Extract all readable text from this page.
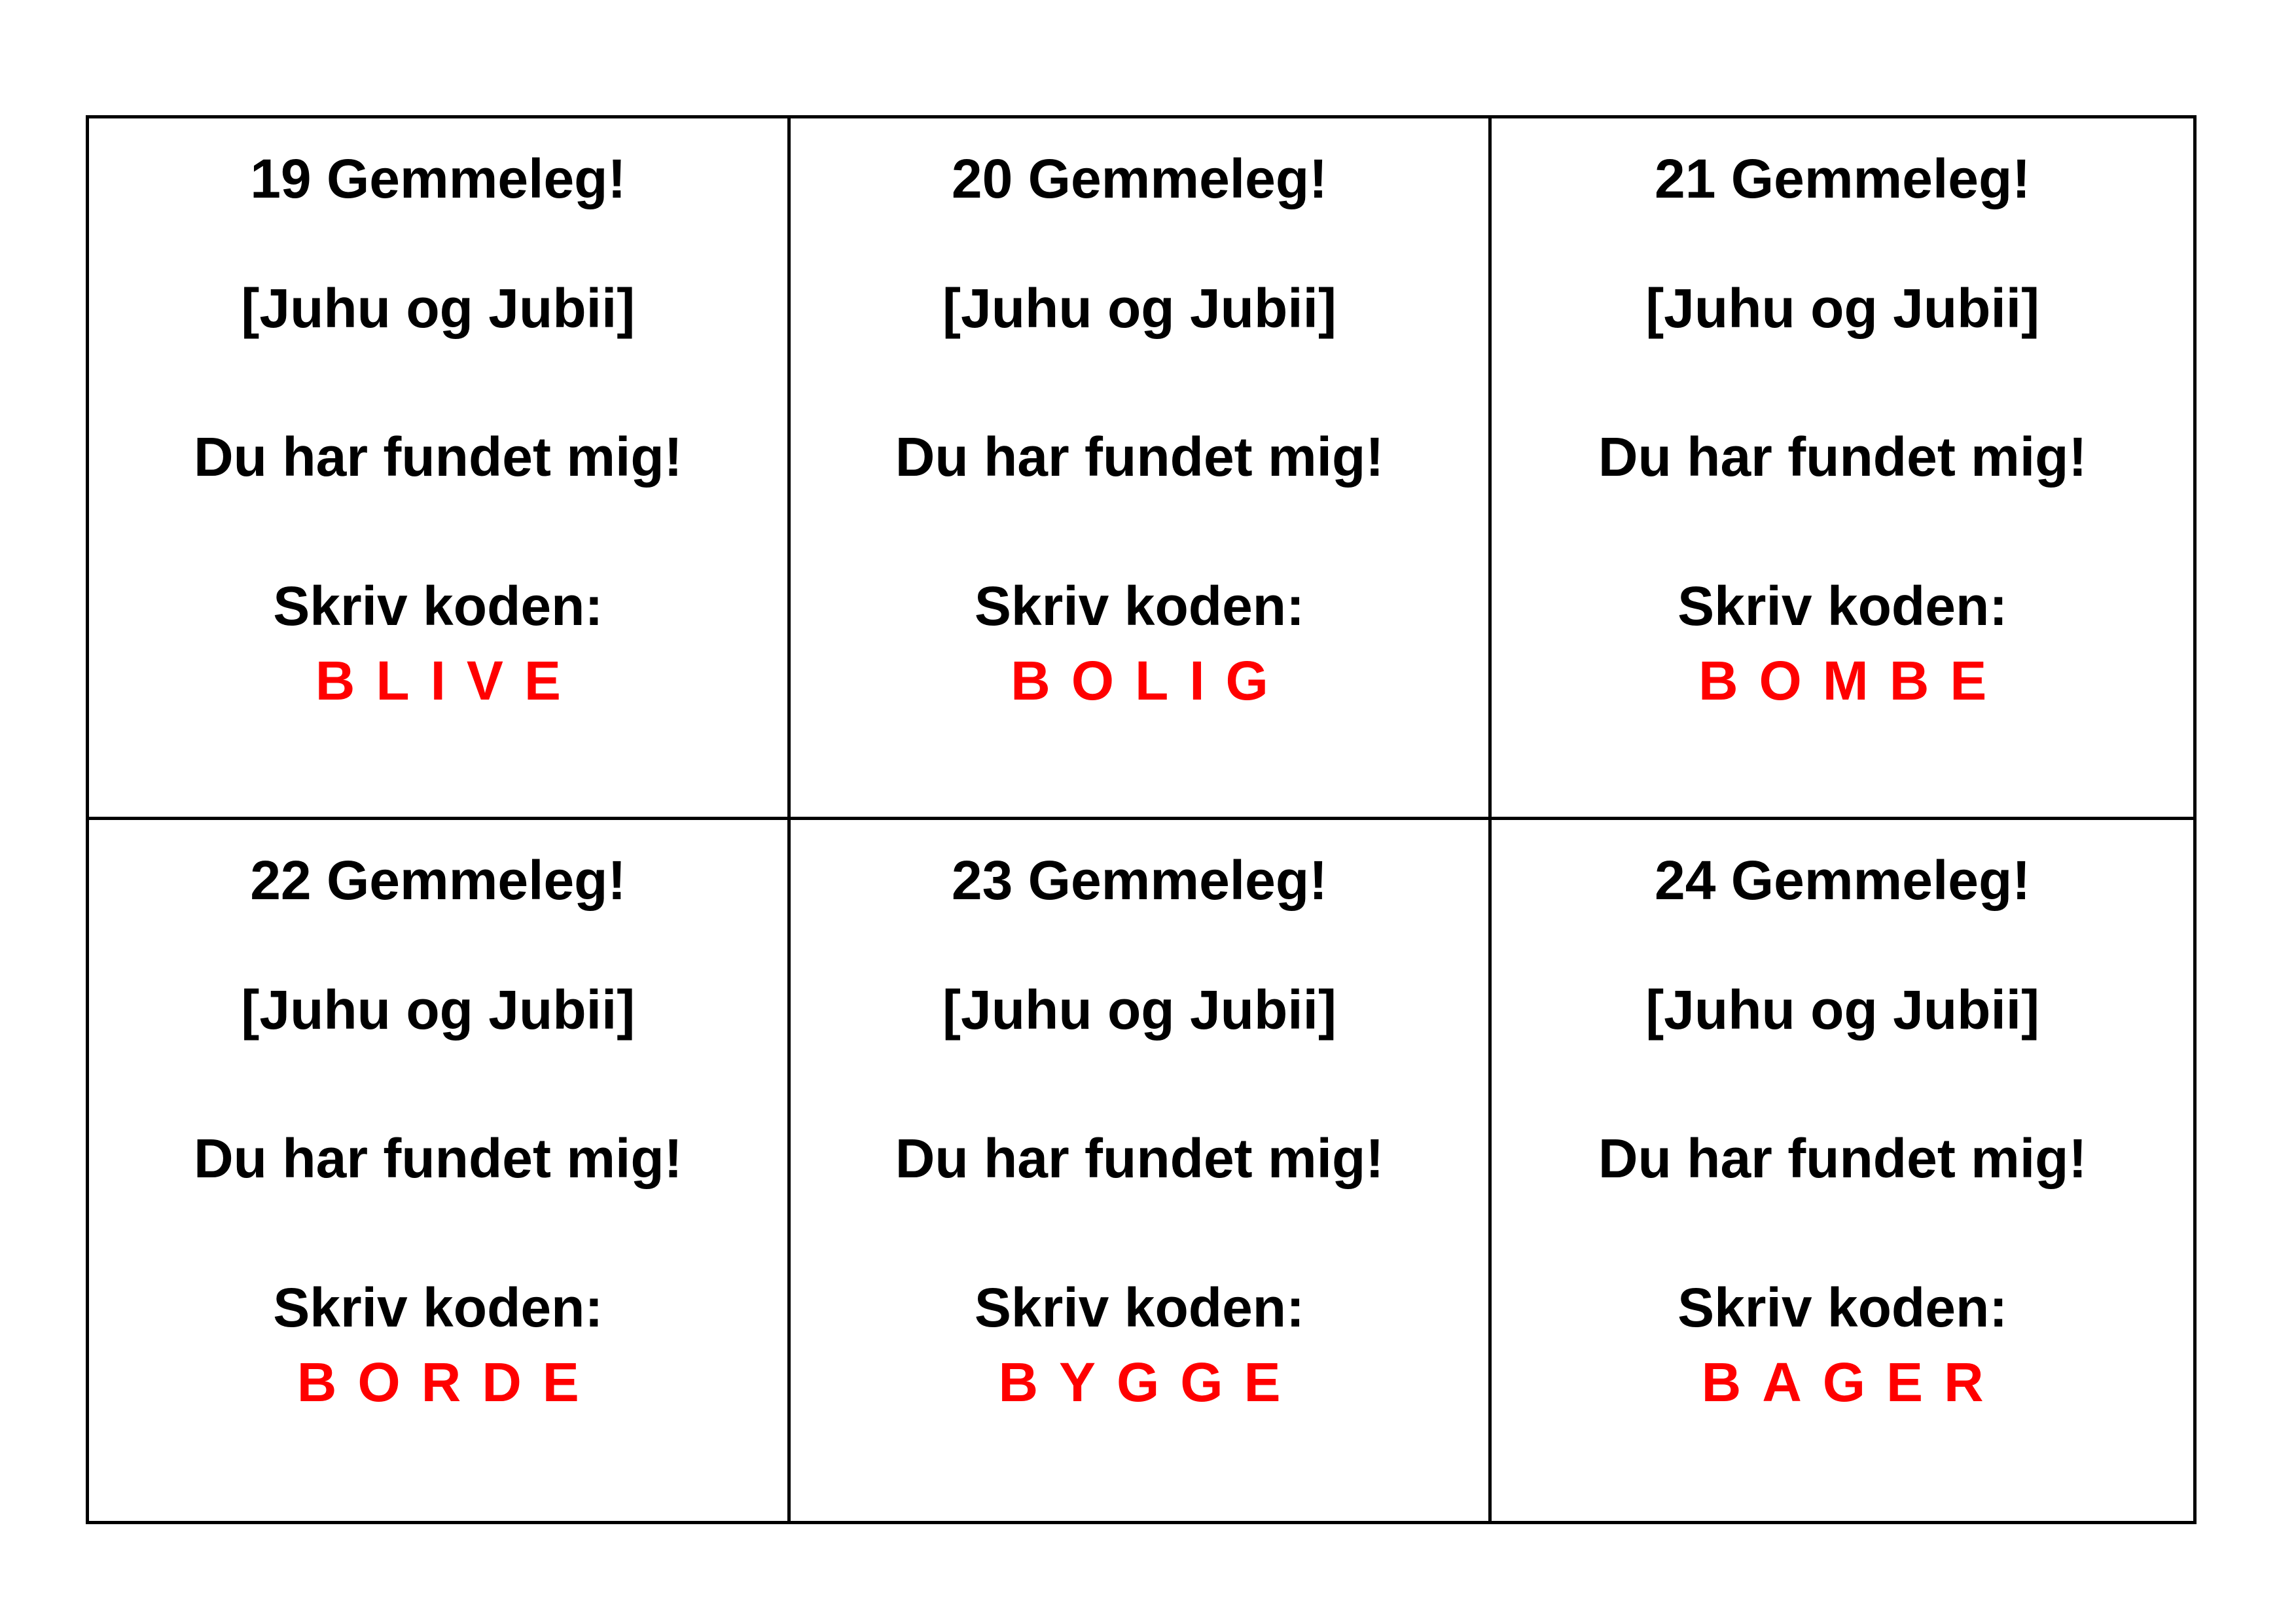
19 Gemmeleg!
[Juhu og Jubii]
Du har fundet mig!
Skriv koden:
BLIVE
20 Gemmeleg!
[Juhu og Jubii]
Du har fundet mig!
Skriv koden:
BOLIG
21 Gemmeleg!
[Juhu og Jubii]
Du har fundet mig!
Skriv koden:
BOMBE
22 Gemmeleg!
[Juhu og Jubii]
Du har fundet mig!
Skriv koden:
BORDE
23 Gemmeleg!
[Juhu og Jubii]
Du har fundet mig!
Skriv koden:
BYGGE
24 Gemmeleg!
[Juhu og Jubii]
Du har fundet mig!
Skriv koden:
BAGER
